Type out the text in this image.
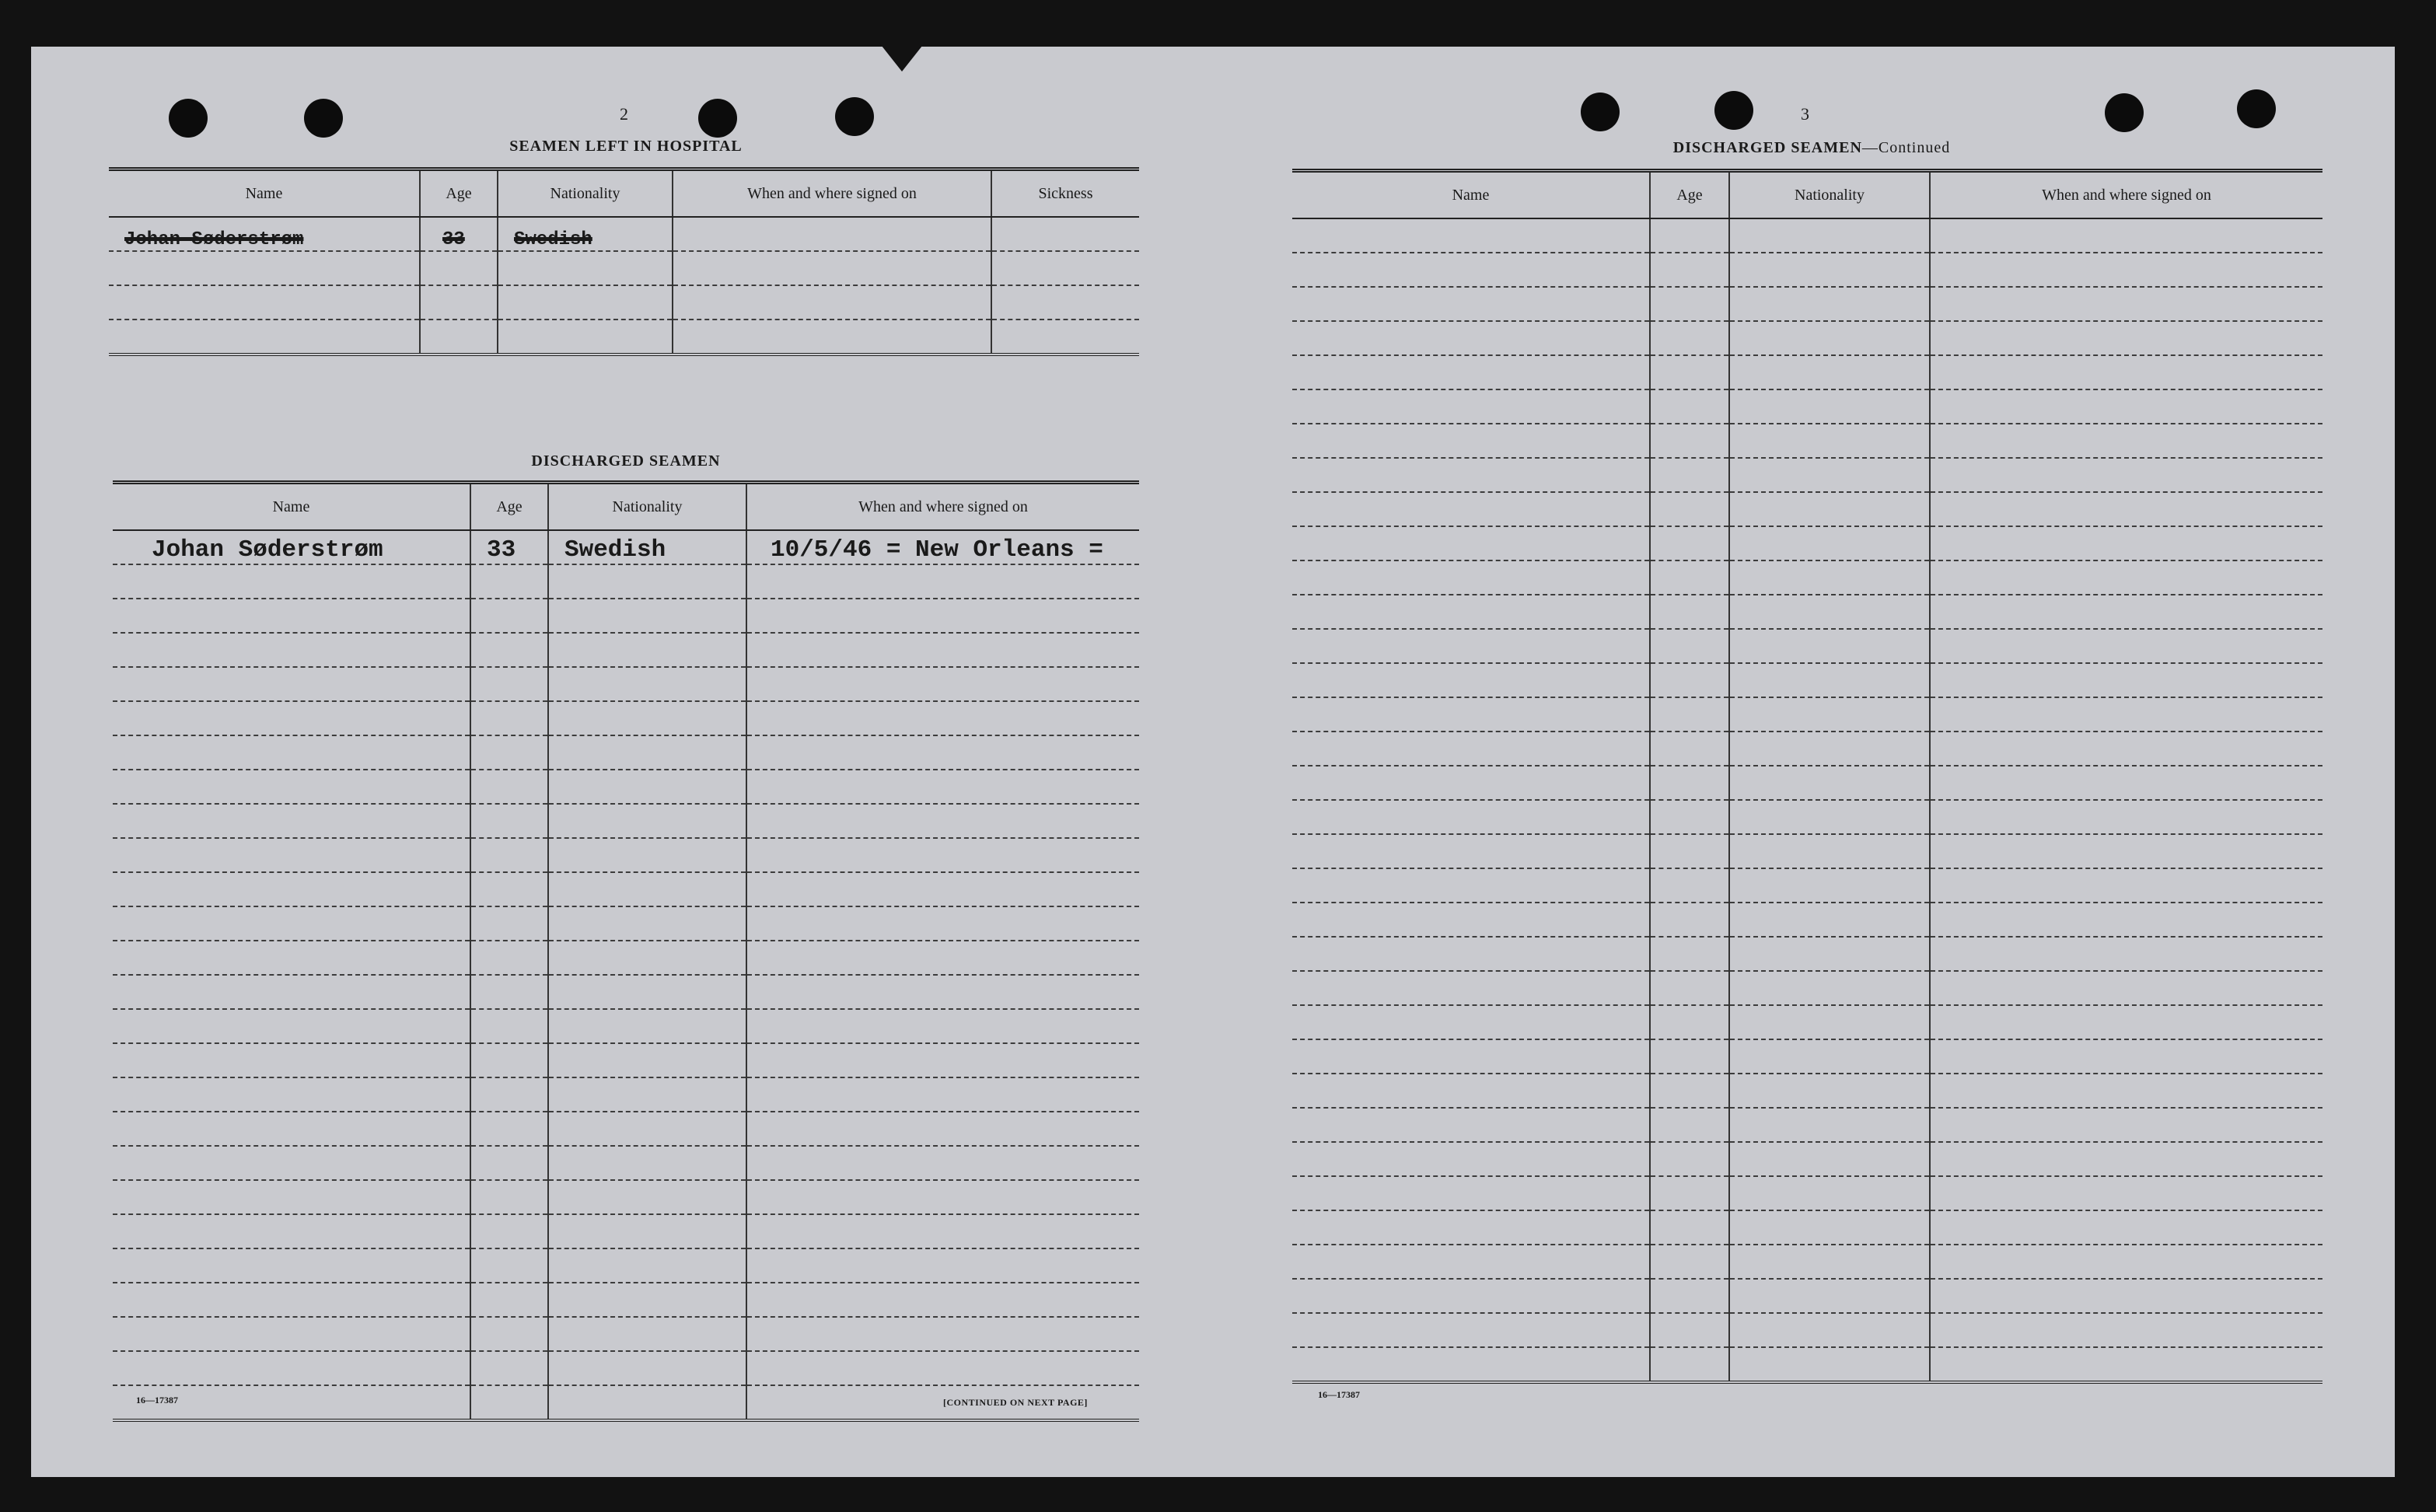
2
SEAMEN LEFT IN HOSPITAL
Name	Age	Nationality	When and where signed on	Sickness
Johan Søderstrøm	33	Swedish		

DISCHARGED SEAMEN
Name	Age	Nationality	When and where signed on
Johan Søderstrøm	33	Swedish	10/5/46 = New Orleans =

16—17387	[CONTINUED ON NEXT PAGE]
3
DISCHARGED SEAMEN—Continued
Name	Age	Nationality	When and where signed on

16—17387
